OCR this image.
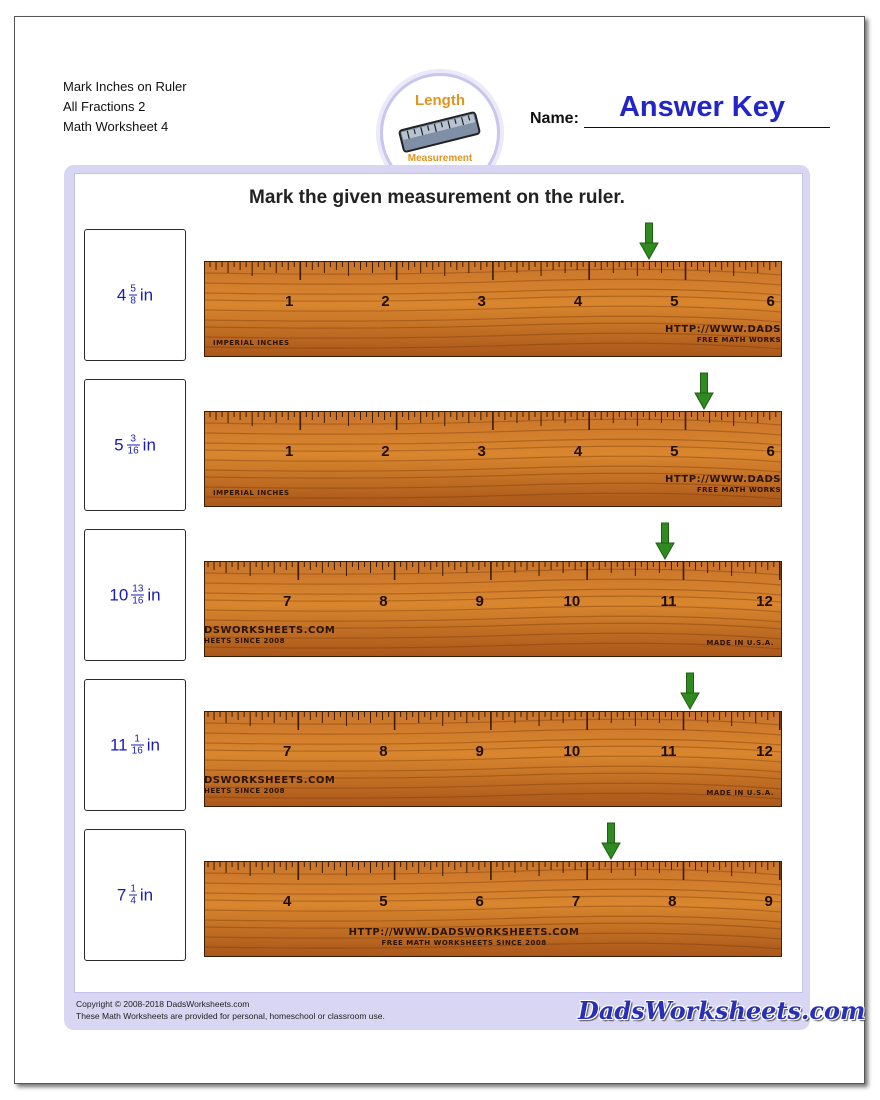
Mark Inches on Ruler
All Fractions 2
Math Worksheet 4
Length
Measurement
Name:	Answer Key
Mark the given measurement on the ruler.
$4 \frac{5}{8}$ in	1	2	3	4	5	6
IMPERIAL INCHES
HTTP://WWW.DADS
FREE MATH WORKS
$5 \frac{3}{16}$ in	1	2	3	4	5	6
IMPERIAL INCHES
HTTP://WWW.DADS
FREE MATH WORKS
$10 \frac{13}{16}$ in	7	8	9	10	11	12
DSWORKSHEETS.COM
HEETS SINCE 2008	MADE IN U.S.A.
$11 \frac{1}{16}$ in	7	8	9	10	11	12
DSWORKSHEETS.COM
HEETS SINCE 2008	MADE IN U.S.A.
$7 \frac{1}{4}$ in	4	5	6	7	8	9
HTTP://WWW.DADSWORKSHEETS.COM
FREE MATH WORKSHEETS SINCE 2008
Copyright © 2008-2018 DadsWorksheets.com
These Math Worksheets are provided for personal, homeschool or classroom use.	DadsWorksheets.com
